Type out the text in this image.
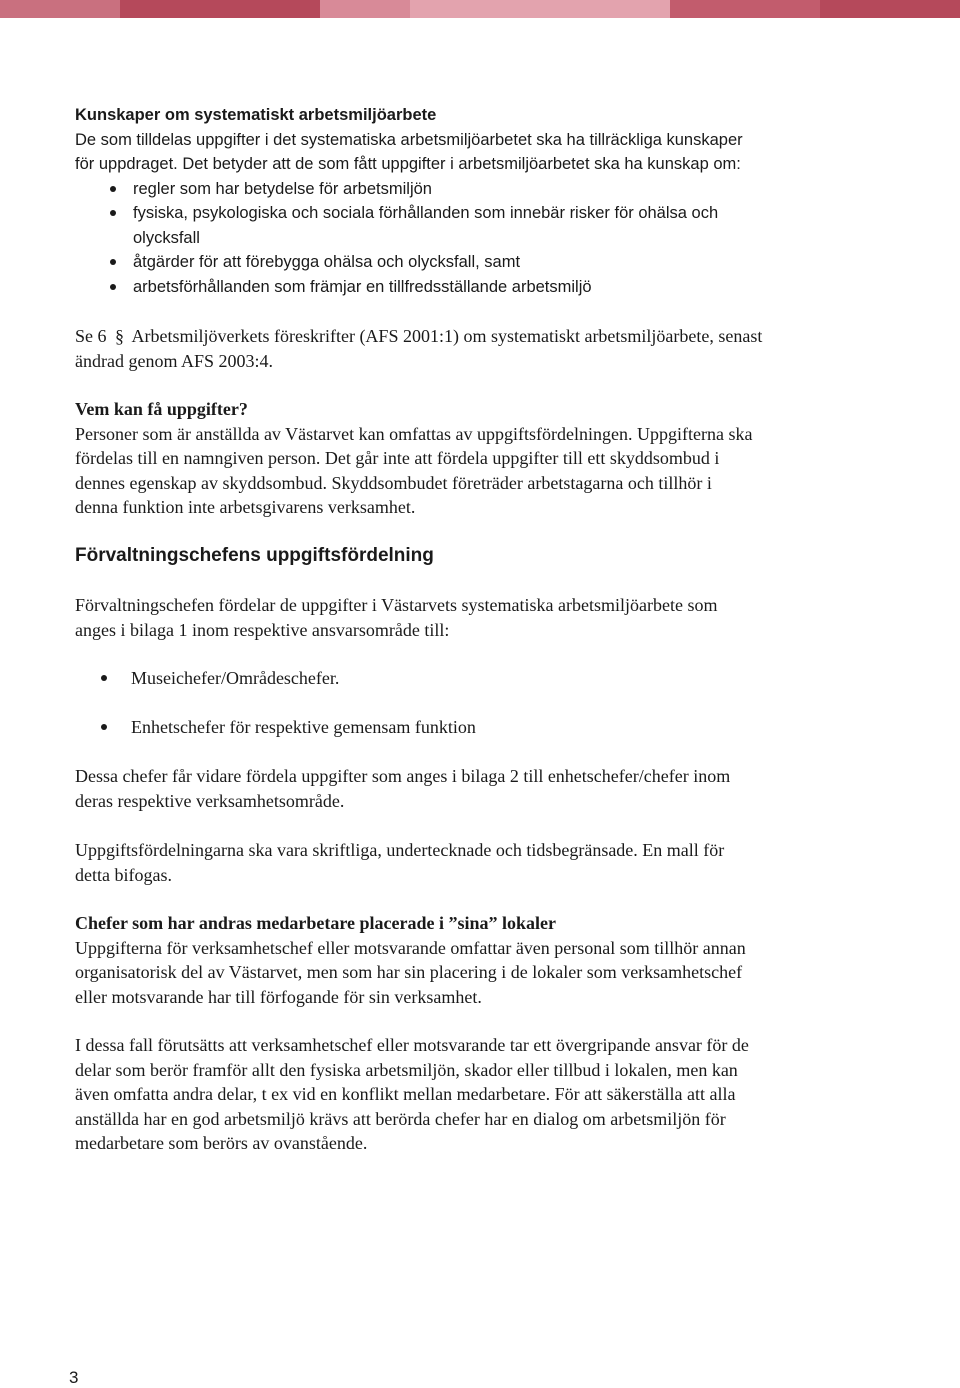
Kunskaper om systematiskt arbetsmiljöarbete
De som tilldelas uppgifter i det systematiska arbetsmiljöarbetet ska ha tillräckliga kunskaper
för uppdraget. Det betyder att de som fått uppgifter i arbetsmiljöarbetet ska ha kunskap om:
regler som har betydelse för arbetsmiljön
fysiska, psykologiska och sociala förhållanden som innebär risker för ohälsa och
olycksfall
åtgärder för att förebygga ohälsa och olycksfall, samt
arbetsförhållanden som främjar en tillfredsställande arbetsmiljö
Se 6 § Arbetsmiljöverkets föreskrifter (AFS 2001:1) om systematiskt arbetsmiljöarbete, senast
ändrad genom AFS 2003:4.
Vem kan få uppgifter?
Personer som är anställda av Västarvet kan omfattas av uppgiftsfördelningen. Uppgifterna ska
fördelas till en namngiven person. Det går inte att fördela uppgifter till ett skyddsombud i
dennes egenskap av skyddsombud. Skyddsombudet företräder arbetstagarna och tillhör i
denna funktion inte arbetsgivarens verksamhet.
Förvaltningschefens uppgiftsfördelning
Förvaltningschefen fördelar de uppgifter i Västarvets systematiska arbetsmiljöarbete som
anges i bilaga 1 inom respektive ansvarsområde till:
Museichefer/Områdeschefer.
Enhetschefer för respektive gemensam funktion
Dessa chefer får vidare fördela uppgifter som anges i bilaga 2 till enhetschefer/chefer inom
deras respektive verksamhetsområde.
Uppgiftsfördelningarna ska vara skriftliga, undertecknade och tidsbegränsade. En mall för
detta bifogas.
Chefer som har andras medarbetare placerade i ”sina” lokaler
Uppgifterna för verksamhetschef eller motsvarande omfattar även personal som tillhör annan
organisatorisk del av Västarvet, men som har sin placering i de lokaler som verksamhetschef
eller motsvarande har till förfogande för sin verksamhet.
I dessa fall förutsätts att verksamhetschef eller motsvarande tar ett övergripande ansvar för de
delar som berör framför allt den fysiska arbetsmiljön, skador eller tillbud i lokalen, men kan
även omfatta andra delar, t ex vid en konflikt mellan medarbetare. För att säkerställa att alla
anställda har en god arbetsmiljö krävs att berörda chefer har en dialog om arbetsmiljön för
medarbetare som berörs av ovanstående.
3
